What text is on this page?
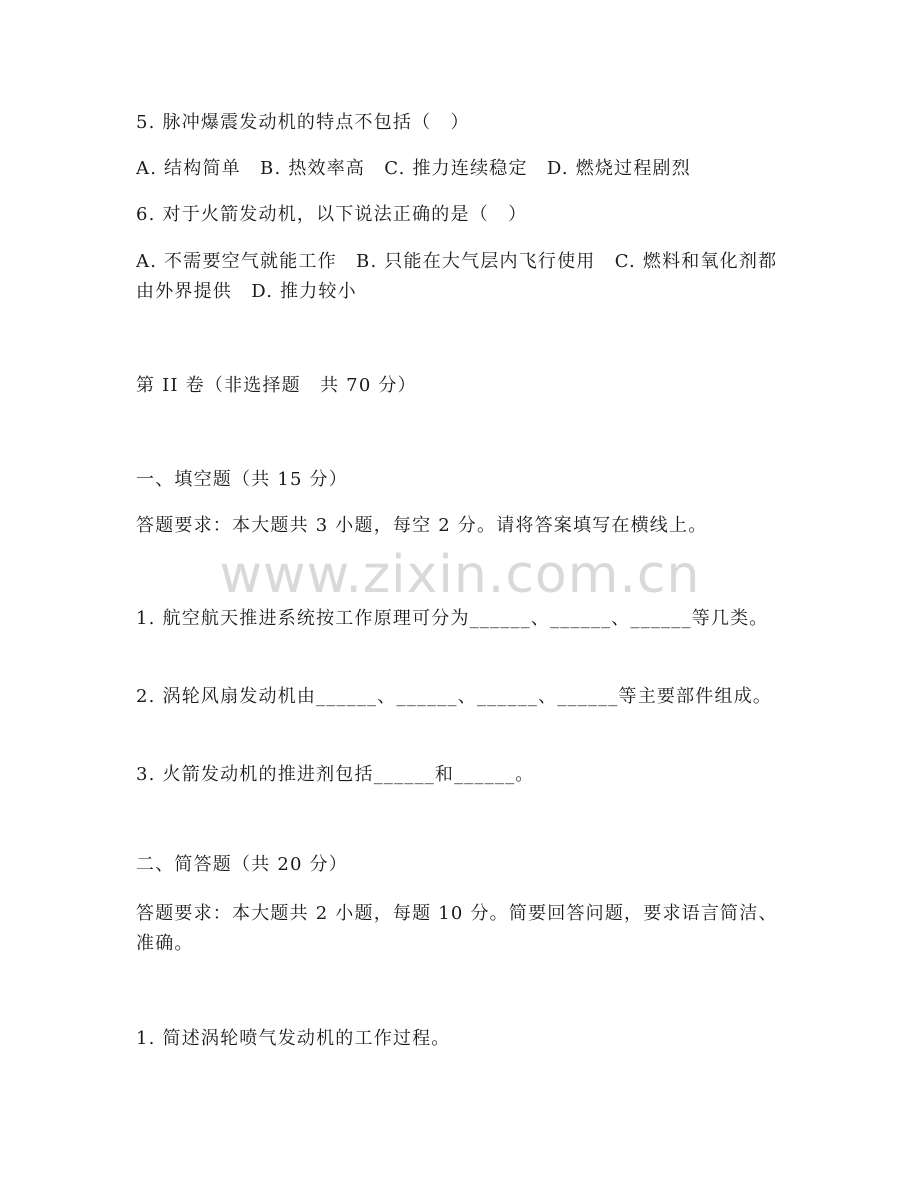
5. 脉冲爆震发动机的特点不包括（　）
A. 结构简单　B. 热效率高　C. 推力连续稳定　D. 燃烧过程剧烈
6. 对于火箭发动机，以下说法正确的是（　）
A. 不需要空气就能工作　B. 只能在大气层内飞行使用　C. 燃料和氧化剂都由外界提供　D. 推力较小
第 II 卷（非选择题　共 70 分）
一、填空题（共 15 分）
答题要求：本大题共 3 小题，每空 2 分。请将答案填写在横线上。
www.zixin.com.cn
1. 航空航天推进系统按工作原理可分为______、______、______等几类。
2. 涡轮风扇发动机由______、______、______、______等主要部件组成。
3. 火箭发动机的推进剂包括______和______。
二、简答题（共 20 分）
答题要求：本大题共 2 小题，每题 10 分。简要回答问题，要求语言简洁、准确。
1. 简述涡轮喷气发动机的工作过程。
